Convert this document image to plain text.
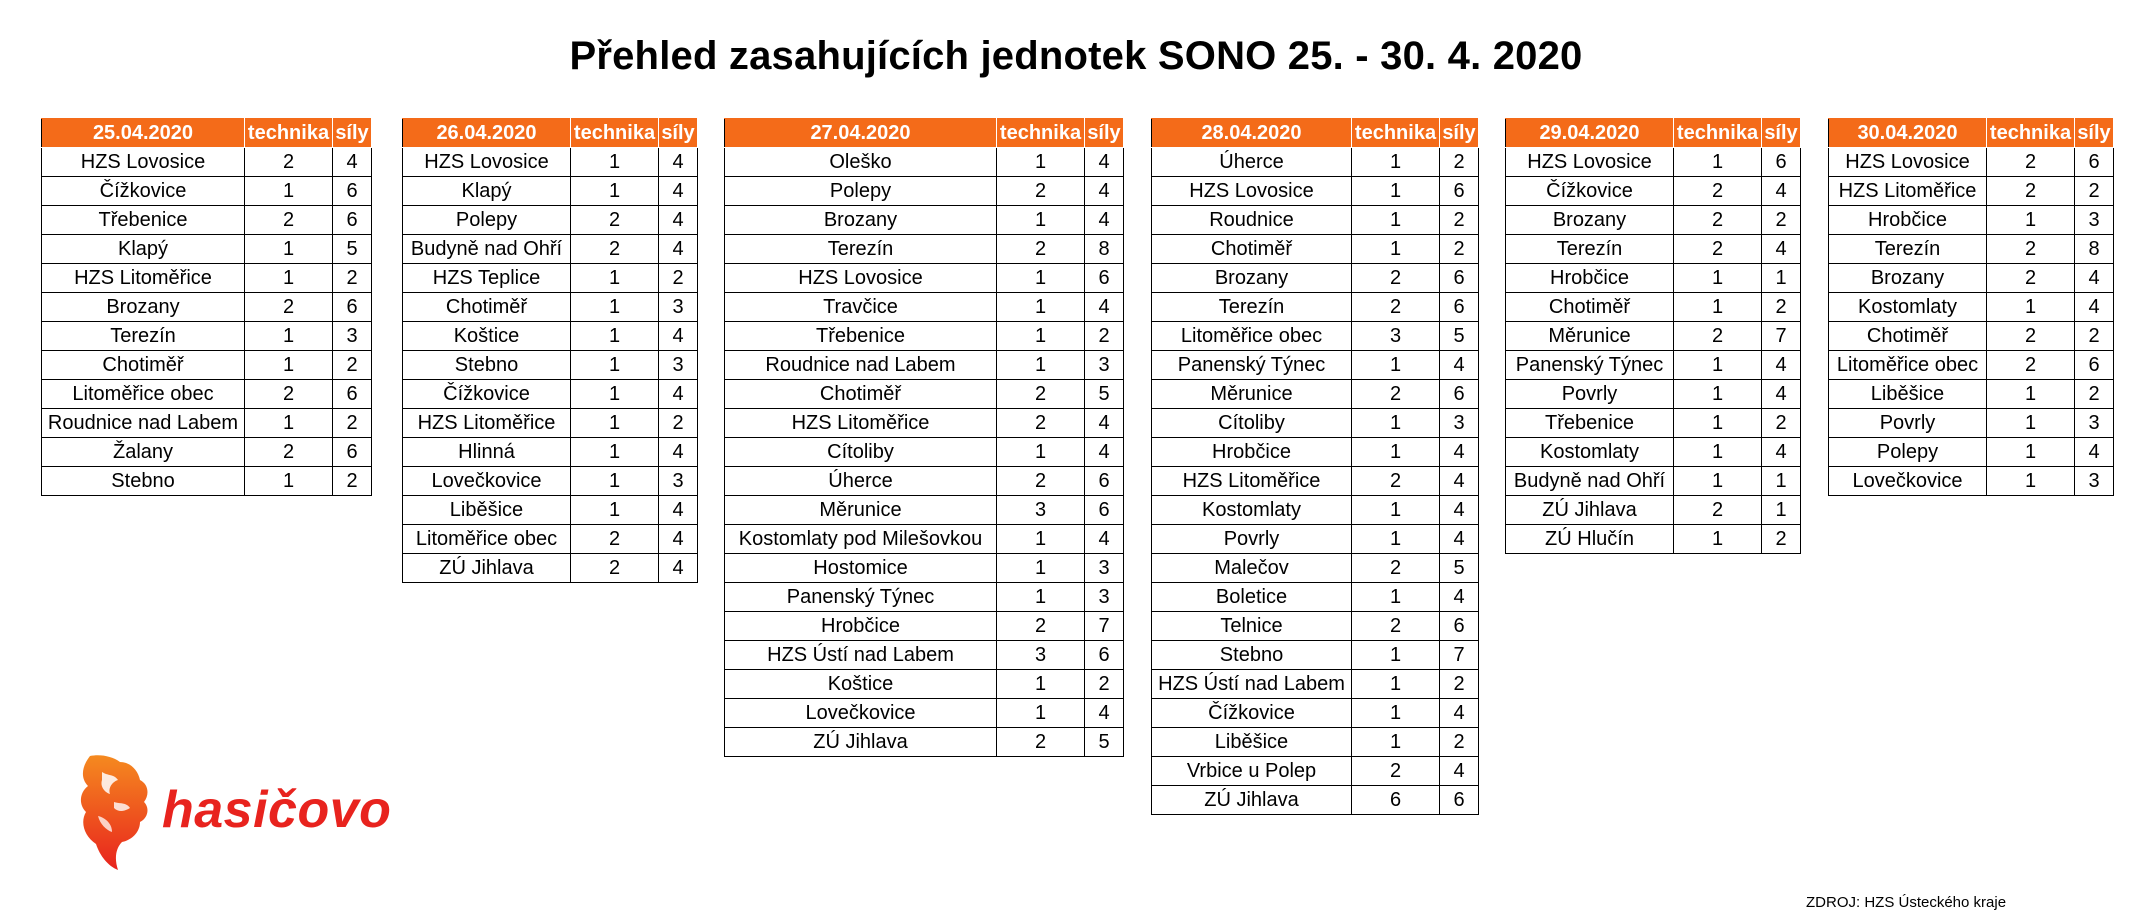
Přehled zasahujících jednotek SONO 25. - 30. 4. 2020
25.04.2020	technika	síly
HZS Lovosice	2	4
Čížkovice	1	6
Třebenice	2	6
Klapý	1	5
HZS Litoměřice	1	2
Brozany	2	6
Terezín	1	3
Chotiměř	1	2
Litoměřice obec	2	6
Roudnice nad Labem	1	2
Žalany	2	6
Stebno	1	2
26.04.2020	technika	síly
HZS Lovosice	1	4
Klapý	1	4
Polepy	2	4
Budyně nad Ohří	2	4
HZS Teplice	1	2
Chotiměř	1	3
Koštice	1	4
Stebno	1	3
Čížkovice	1	4
HZS Litoměřice	1	2
Hlinná	1	4
Lovečkovice	1	3
Liběšice	1	4
Litoměřice obec	2	4
ZÚ Jihlava	2	4
27.04.2020	technika	síly
Oleško	1	4
Polepy	2	4
Brozany	1	4
Terezín	2	8
HZS Lovosice	1	6
Travčice	1	4
Třebenice	1	2
Roudnice nad Labem	1	3
Chotiměř	2	5
HZS Litoměřice	2	4
Cítoliby	1	4
Úherce	2	6
Měrunice	3	6
Kostomlaty pod Milešovkou	1	4
Hostomice	1	3
Panenský Týnec	1	3
Hrobčice	2	7
HZS Ústí nad Labem	3	6
Koštice	1	2
Lovečkovice	1	4
ZÚ Jihlava	2	5
28.04.2020	technika	síly
Úherce	1	2
HZS Lovosice	1	6
Roudnice	1	2
Chotiměř	1	2
Brozany	2	6
Terezín	2	6
Litoměřice obec	3	5
Panenský Týnec	1	4
Měrunice	2	6
Cítoliby	1	3
Hrobčice	1	4
HZS Litoměřice	2	4
Kostomlaty	1	4
Povrly	1	4
Malečov	2	5
Boletice	1	4
Telnice	2	6
Stebno	1	7
HZS Ústí nad Labem	1	2
Čížkovice	1	4
Liběšice	1	2
Vrbice u Polep	2	4
ZÚ Jihlava	6	6
29.04.2020	technika	síly
HZS Lovosice	1	6
Čížkovice	2	4
Brozany	2	2
Terezín	2	4
Hrobčice	1	1
Chotiměř	1	2
Měrunice	2	7
Panenský Týnec	1	4
Povrly	1	4
Třebenice	1	2
Kostomlaty	1	4
Budyně nad Ohří	1	1
ZÚ Jihlava	2	1
ZÚ Hlučín	1	2
30.04.2020	technika	síly
HZS Lovosice	2	6
HZS Litoměřice	2	2
Hrobčice	1	3
Terezín	2	8
Brozany	2	4
Kostomlaty	1	4
Chotiměř	2	2
Litoměřice obec	2	6
Liběšice	1	2
Povrly	1	3
Polepy	1	4
Lovečkovice	1	3
hasičovo
ZDROJ: HZS Ústeckého kraje
